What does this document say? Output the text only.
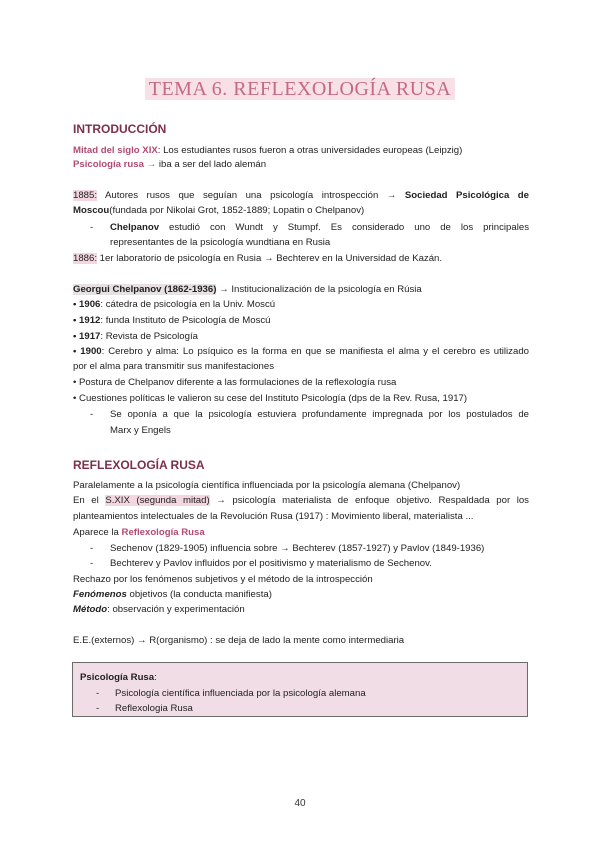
TEMA 6. REFLEXOLOGÍA RUSA
INTRODUCCIÓN
Mitad del siglo XIX: Los estudiantes rusos fueron a otras universidades europeas (Leipzig)
Psicología rusa → iba a ser del lado alemán
1885: Autores rusos que seguían una psicología introspección → Sociedad Psicológica de
Moscou(fundada por Nikolai Grot, 1852-1889; Lopatin o Chelpanov)
- Chelpanov estudió con Wundt y Stumpf. Es considerado uno de los principales
representantes de la psicología wundtiana en Rusia
1886: 1er laboratorio de psicología en Rusia → Bechterev en la Universidad de Kazán.
Georgui Chelpanov (1862-1936) → Institucionalización de la psicología en Rúsia
• 1906: cátedra de psicología en la Univ. Moscú
• 1912: funda Instituto de Psicología de Moscú
• 1917: Revista de Psicología
• 1900: Cerebro y alma: Lo psíquico es la forma en que se manifiesta el alma y el cerebro es utilizado
por el alma para transmitir sus manifestaciones
• Postura de Chelpanov diferente a las formulaciones de la reflexología rusa
• Cuestiones políticas le valieron su cese del Instituto Psicología (dps de la Rev. Rusa, 1917)
- Se oponía a que la psicología estuviera profundamente impregnada por los postulados de
Marx y Engels
REFLEXOLOGÍA RUSA
Paralelamente a la psicología científica influenciada por la psicología alemana (Chelpanov)
En el S.XIX (segunda mitad) → psicología materialista de enfoque objetivo. Respaldada por los
planteamientos intelectuales de la Revolución Rusa (1917) : Movimiento liberal, materialista ...
Aparece la Reflexología Rusa
- Sechenov (1829-1905) influencia sobre → Bechterev (1857-1927) y Pavlov (1849-1936)
- Bechterev y Pavlov influidos por el positivismo y materialismo de Sechenov.
Rechazo por los fenómenos subjetivos y el método de la introspección
Fenómenos objetivos (la conducta manifiesta)
Método: observación y experimentación
E.E.(externos) → R(organismo) : se deja de lado la mente como intermediaria
Psicología Rusa:
- Psicología científica influenciada por la psicología alemana
- Reflexologia Rusa
40
